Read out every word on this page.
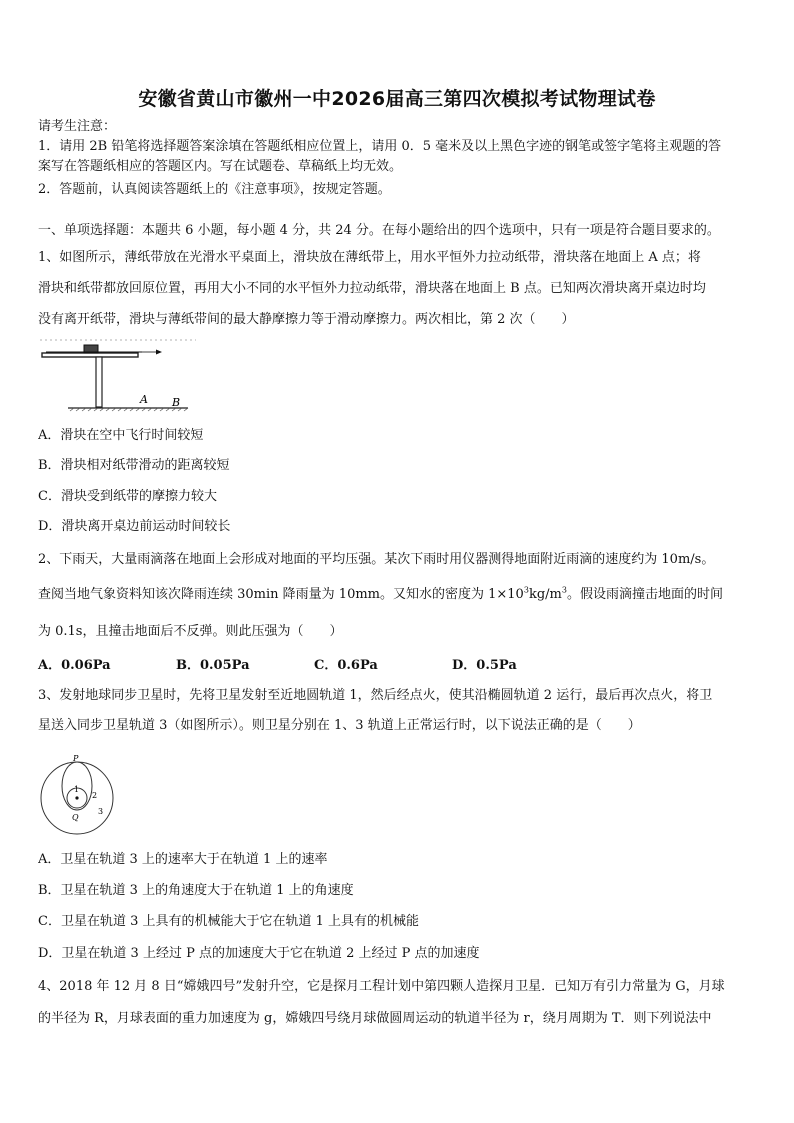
安徽省黄山市徽州一中2026届高三第四次模拟考试物理试卷
请考生注意：
1．请用 2B 铅笔将选择题答案涂填在答题纸相应位置上，请用 0．5 毫米及以上黑色字迹的钢笔或签字笔将主观题的答
案写在答题纸相应的答题区内。写在试题卷、草稿纸上均无效。
2．答题前，认真阅读答题纸上的《注意事项》，按规定答题。
一、单项选择题：本题共 6 小题，每小题 4 分，共 24 分。在每小题给出的四个选项中，只有一项是符合题目要求的。
1、如图所示，薄纸带放在光滑水平桌面上，滑块放在薄纸带上，用水平恒外力拉动纸带，滑块落在地面上 A 点；将
滑块和纸带都放回原位置，再用大小不同的水平恒外力拉动纸带，滑块落在地面上 B 点。已知两次滑块离开桌边时均
没有离开纸带，滑块与薄纸带间的最大静摩擦力等于滑动摩擦力。两次相比，第 2 次（　　）
A B
A．滑块在空中飞行时间较短
B．滑块相对纸带滑动的距离较短
C．滑块受到纸带的摩擦力较大
D．滑块离开桌边前运动时间较长
2、下雨天，大量雨滴落在地面上会形成对地面的平均压强。某次下雨时用仪器测得地面附近雨滴的速度约为 10m/s。
查阅当地气象资料知该次降雨连续 30min 降雨量为 10mm。又知水的密度为 $1\times 10^3kg/m^3$。假设雨滴撞击地面的时间
为 0.1s，且撞击地面后不反弹。则此压强为（　　）
A．0.06Pa	B．0.05Pa	C．0.6Pa	D．0.5Pa
3、发射地球同步卫星时，先将卫星发射至近地圆轨道 1，然后经点火，使其沿椭圆轨道 2 运行，最后再次点火，将卫
星送入同步卫星轨道 3（如图所示）。则卫星分别在 1、3 轨道上正常运行时，以下说法正确的是（　　）
P
Q
1
2
3
A．卫星在轨道 3 上的速率大于在轨道 1 上的速率
B．卫星在轨道 3 上的角速度大于在轨道 1 上的角速度
C．卫星在轨道 3 上具有的机械能大于它在轨道 1 上具有的机械能
D．卫星在轨道 3 上经过 P 点的加速度大于它在轨道 2 上经过 P 点的加速度
4、2018 年 12 月 8 日“嫦娥四号”发射升空，它是探月工程计划中第四颗人造探月卫星．已知万有引力常量为 G，月球
的半径为 R，月球表面的重力加速度为 g，嫦娥四号绕月球做圆周运动的轨道半径为 r，绕月周期为 T．则下列说法中
